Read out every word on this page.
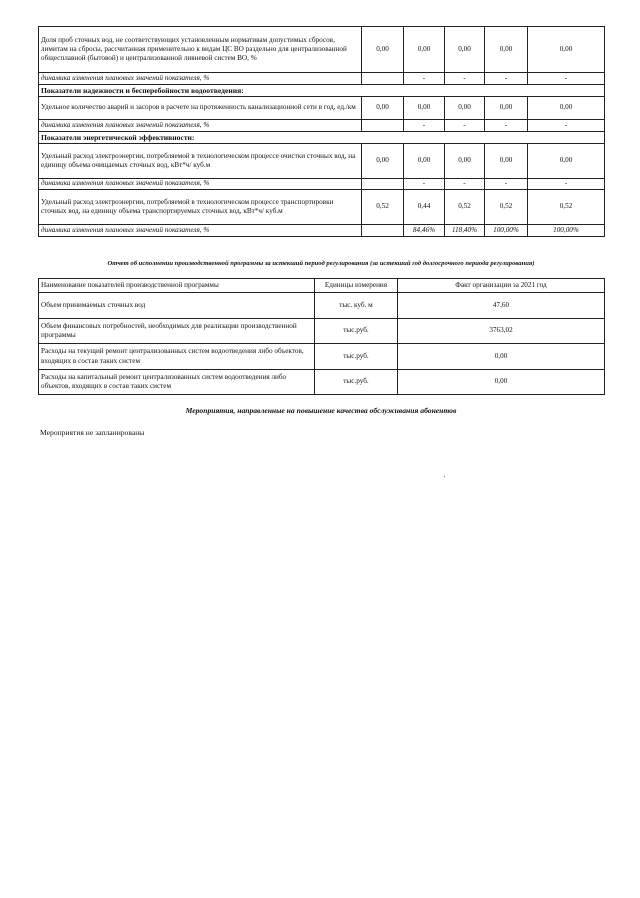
Доля проб сточных вод, не соответствующих установленным нормативам допустимых сбросов, лимитам на сбросы, рассчитанная применительно к видам ЦС ВО раздельно для централизованной общесплавной (бытовой) и централизованной ливневой систем ВО, %	0,00	0,00	0,00	0,00	0,00
динамика изменения плановых значений показателя, %		-	-	-	-
Показатели надежности и бесперебойности водоотведения:					
Удельное количество аварий и засоров в расчете на протяженность канализационной сети в год, ед./км	0,00	0,00	0,00	0,00	0,00
динамика изменения плановых значений показателя, %		-	-	-	-
Показатели энергетической эффективности:					
Удельный расход электроэнергии, потребляемой в технологическом процессе очистки сточных вод, на единицу объема очищаемых сточных вод, кВт*ч/ куб.м	0,00	0,00	0,00	0,00	0,00
динамика изменения плановых значений показателя, %		-	-	-	-
Удельный расход электроэнергии, потребляемой в технологическом процессе транспортировки сточных вод, на единицу объема транспортируемых сточных вод, кВт*ч/ куб.м	0,52	0,44	0,52	0,52	0,52
динамика изменения плановых значений показателя, %		84,46%	118,40%	100,00%	100,00%
Отчет об исполнении производственной программы за истекший период регулирования (за истекший год долгосрочного периода регулирования)
Наименование показателей производственной программы	Единицы измерения	Факт организации за 2021 год
Объем принимаемых сточных вод	тыс. куб. м	47,60
Объем финансовых потребностей, необходимых для реализации производственной программы	тыс.руб.	3763,02
Расходы на текущий ремонт централизованных систем водоотведения либо объектов, входящих в состав таких систем	тыс.руб.	0,00
Расходы на капитальный ремонт централизованных систем водоотведения либо объектов, входящих в состав таких систем	тыс.руб.	0,00
Мероприятия, направленные на повышение качества обслуживания абонентов
Мероприятия не запланированы
